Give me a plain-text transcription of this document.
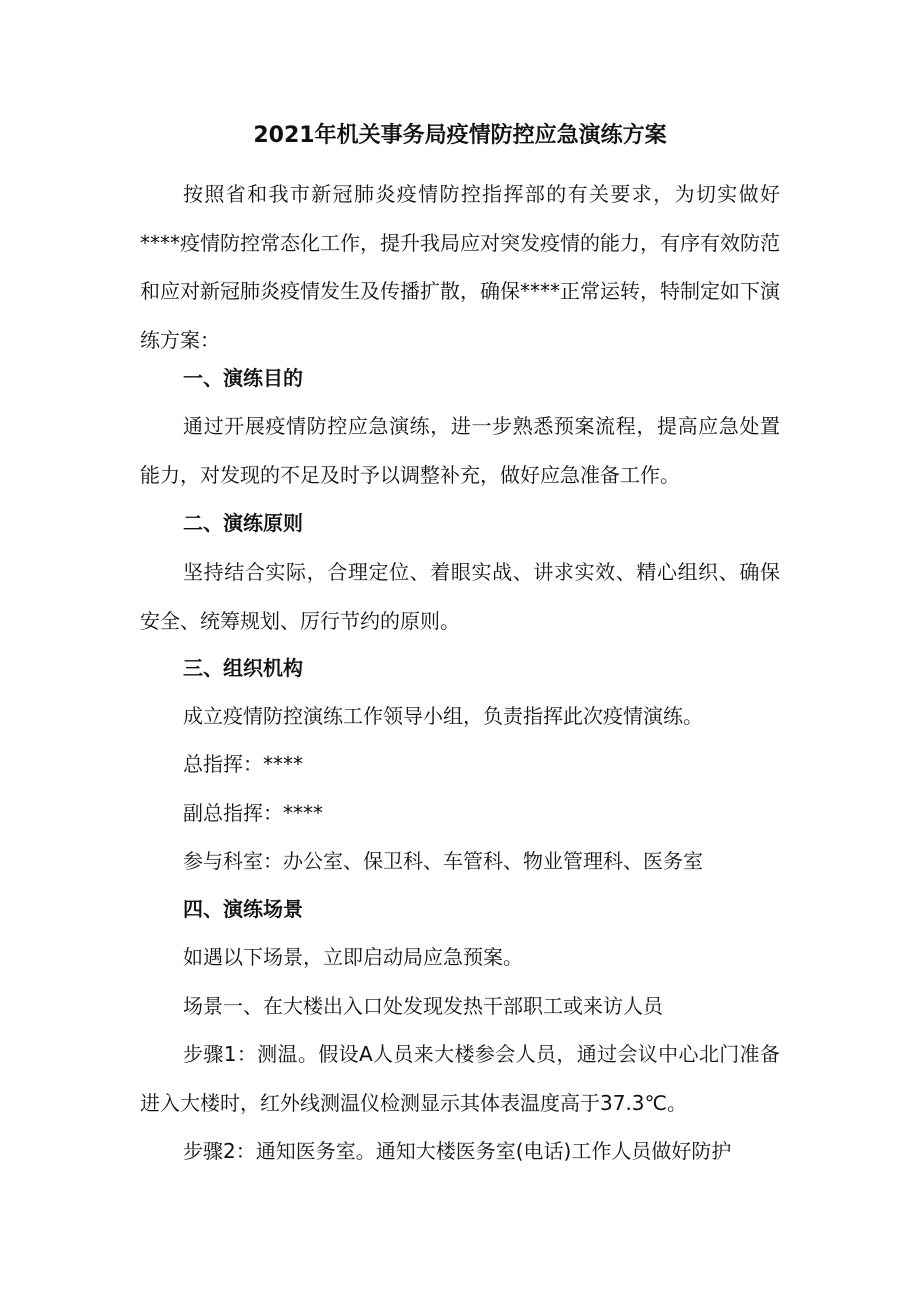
2021年机关事务局疫情防控应急演练方案

按照省和我市新冠肺炎疫情防控指挥部的有关要求，为切实做好****疫情防控常态化工作，提升我局应对突发疫情的能力，有序有效防范和应对新冠肺炎疫情发生及传播扩散，确保****正常运转，特制定如下演练方案：

一、演练目的

通过开展疫情防控应急演练，进一步熟悉预案流程，提高应急处置能力，对发现的不足及时予以调整补充，做好应急准备工作。

二、演练原则

坚持结合实际，合理定位、着眼实战、讲求实效、精心组织、确保安全、统筹规划、厉行节约的原则。

三、组织机构
成立疫情防控演练工作领导小组，负责指挥此次疫情演练。
总指挥：****
副总指挥：****
参与科室：办公室、保卫科、车管科、物业管理科、医务室
四、演练场景
如遇以下场景，立即启动局应急预案。
场景一、在大楼出入口处发现发热干部职工或来访人员

步骤1：测温。假设A人员来大楼参会人员，通过会议中心北门准备进入大楼时，红外线测温仪检测显示其体表温度高于37.3℃。

步骤2：通知医务室。通知大楼医务室(电话)工作人员做好防护
